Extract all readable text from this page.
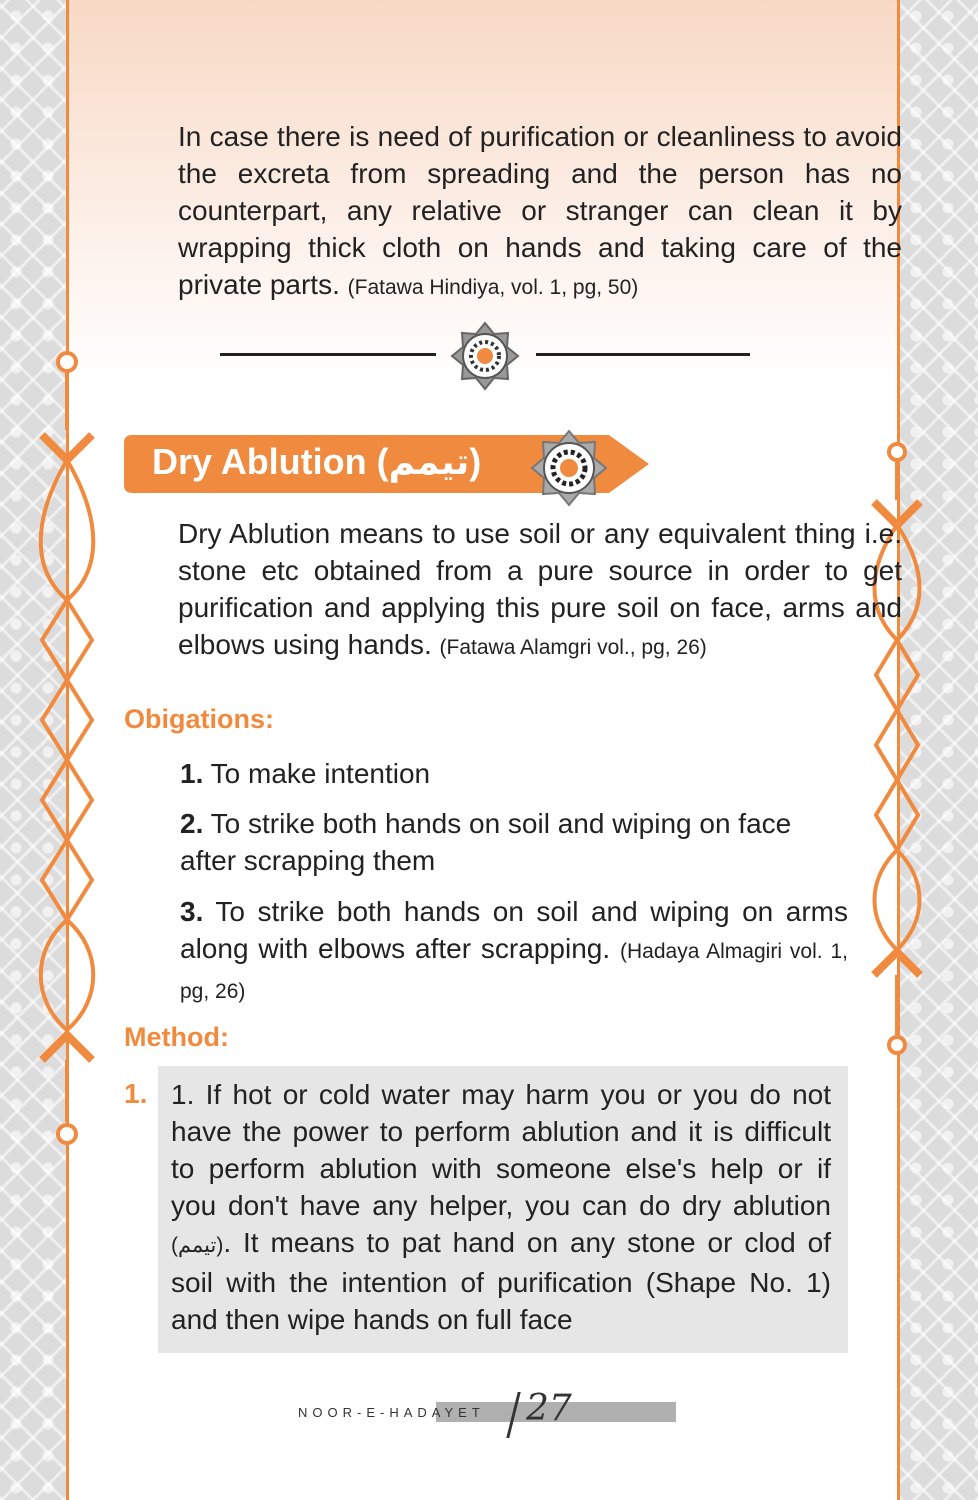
In case there is need of purification or cleanliness to avoid the excreta from spreading and the person has no counterpart, any relative or stranger can clean it by wrapping thick cloth on hands and taking care of the private parts. (Fatawa Hindiya, vol. 1, pg, 50)

Dry Ablution (تیمم)

Dry Ablution means to use soil or any equivalent thing i.e. stone etc obtained from a pure source in order to get purification and applying this pure soil on face, arms and elbows using hands. (Fatawa Alamgri vol., pg, 26)

Obigations:

1. To make intention

2. To strike both hands on soil and wiping on face after scrapping them

3. To strike both hands on soil and wiping on arms along with elbows after scrapping. (Hadaya Almagiri vol. 1, pg, 26)

Method:
1. 1. If hot or cold water may harm you or you do not have the power to perform ablution and it is difficult to perform ablution with someone else's help or if you don't have any helper, you can do dry ablution (تیمم). It means to pat hand on any stone or clod of soil with the intention of purification (Shape No. 1) and then wipe hands on full face

NOOR-E-HADAYET 27
